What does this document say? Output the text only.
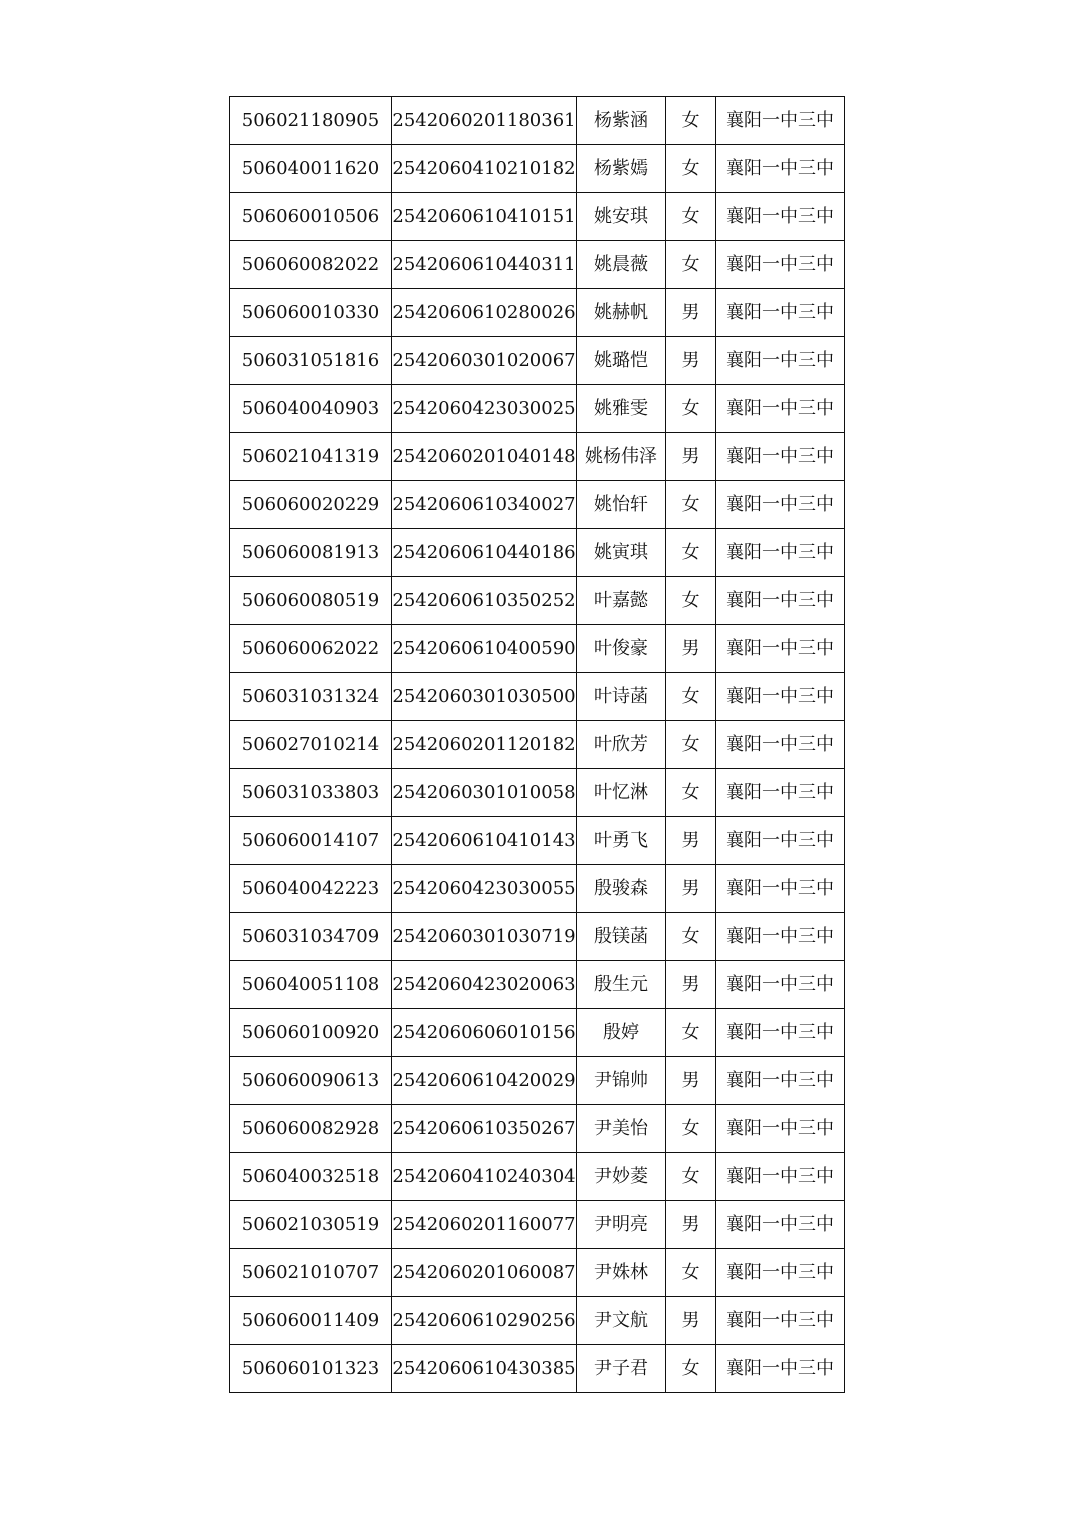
506021180905	2542060201180361	杨紫涵	女	襄阳一中三中
506040011620	2542060410210182	杨紫嫣	女	襄阳一中三中
506060010506	2542060610410151	姚安琪	女	襄阳一中三中
506060082022	2542060610440311	姚晨薇	女	襄阳一中三中
506060010330	2542060610280026	姚赫帆	男	襄阳一中三中
506031051816	2542060301020067	姚璐恺	男	襄阳一中三中
506040040903	2542060423030025	姚雅雯	女	襄阳一中三中
506021041319	2542060201040148	姚杨伟泽	男	襄阳一中三中
506060020229	2542060610340027	姚怡轩	女	襄阳一中三中
506060081913	2542060610440186	姚寅琪	女	襄阳一中三中
506060080519	2542060610350252	叶嘉懿	女	襄阳一中三中
506060062022	2542060610400590	叶俊豪	男	襄阳一中三中
506031031324	2542060301030500	叶诗菡	女	襄阳一中三中
506027010214	2542060201120182	叶欣芳	女	襄阳一中三中
506031033803	2542060301010058	叶忆淋	女	襄阳一中三中
506060014107	2542060610410143	叶勇飞	男	襄阳一中三中
506040042223	2542060423030055	殷骏森	男	襄阳一中三中
506031034709	2542060301030719	殷镁菡	女	襄阳一中三中
506040051108	2542060423020063	殷生元	男	襄阳一中三中
506060100920	2542060606010156	殷婷	女	襄阳一中三中
506060090613	2542060610420029	尹锦帅	男	襄阳一中三中
506060082928	2542060610350267	尹美怡	女	襄阳一中三中
506040032518	2542060410240304	尹妙菱	女	襄阳一中三中
506021030519	2542060201160077	尹明亮	男	襄阳一中三中
506021010707	2542060201060087	尹姝林	女	襄阳一中三中
506060011409	2542060610290256	尹文航	男	襄阳一中三中
506060101323	2542060610430385	尹子君	女	襄阳一中三中
